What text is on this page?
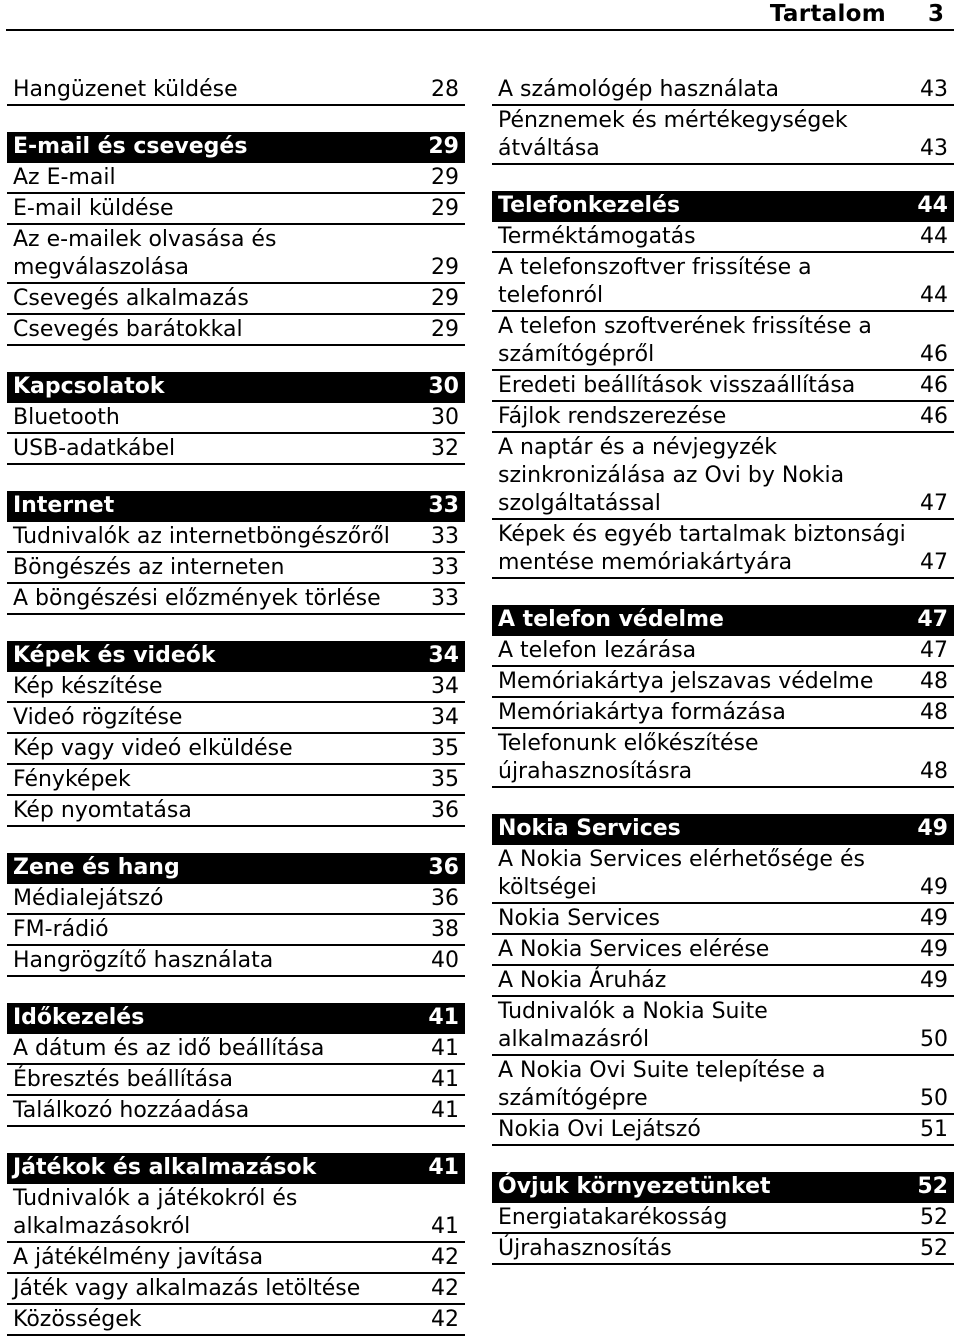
Tartalom 3
Hangüzenet küldése	28
E-mail és csevegés	29
Az E-mail	29
E-mail küldése	29
Az e-mailek olvasása és
megválaszolása	29
Csevegés alkalmazás	29
Csevegés barátokkal	29
Kapcsolatok	30
Bluetooth	30
USB-adatkábel	32
Internet	33
Tudnivalók az internetböngészőről	33
Böngészés az interneten	33
A böngészési előzmények törlése	33
Képek és videók	34
Kép készítése	34
Videó rögzítése	34
Kép vagy videó elküldése	35
Fényképek	35
Kép nyomtatása	36
Zene és hang	36
Médialejátszó	36
FM-rádió	38
Hangrögzítő használata	40
Időkezelés	41
A dátum és az idő beállítása	41
Ébresztés beállítása	41
Találkozó hozzáadása	41
Játékok és alkalmazások	41
Tudnivalók a játékokról és
alkalmazásokról	41
A játékélmény javítása	42
Játék vagy alkalmazás letöltése	42
Közösségek	42
A számológép használata	43
Pénznemek és mértékegységek
átváltása	43
Telefonkezelés	44
Terméktámogatás	44
A telefonszoftver frissítése a
telefonról	44
A telefon szoftverének frissítése a
számítógépről	46
Eredeti beállítások visszaállítása	46
Fájlok rendszerezése	46
A naptár és a névjegyzék
szinkronizálása az Ovi by Nokia
szolgáltatással	47
Képek és egyéb tartalmak biztonsági
mentése memóriakártyára	47
A telefon védelme	47
A telefon lezárása	47
Memóriakártya jelszavas védelme	48
Memóriakártya formázása	48
Telefonunk előkészítése
újrahasznosításra	48
Nokia Services	49
A Nokia Services elérhetősége és
költségei	49
Nokia Services	49
A Nokia Services elérése	49
A Nokia Áruház	49
Tudnivalók a Nokia Suite
alkalmazásról	50
A Nokia Ovi Suite telepítése a
számítógépre	50
Nokia Ovi Lejátszó	51
Óvjuk környezetünket	52
Energiatakarékosság	52
Újrahasznosítás	52
